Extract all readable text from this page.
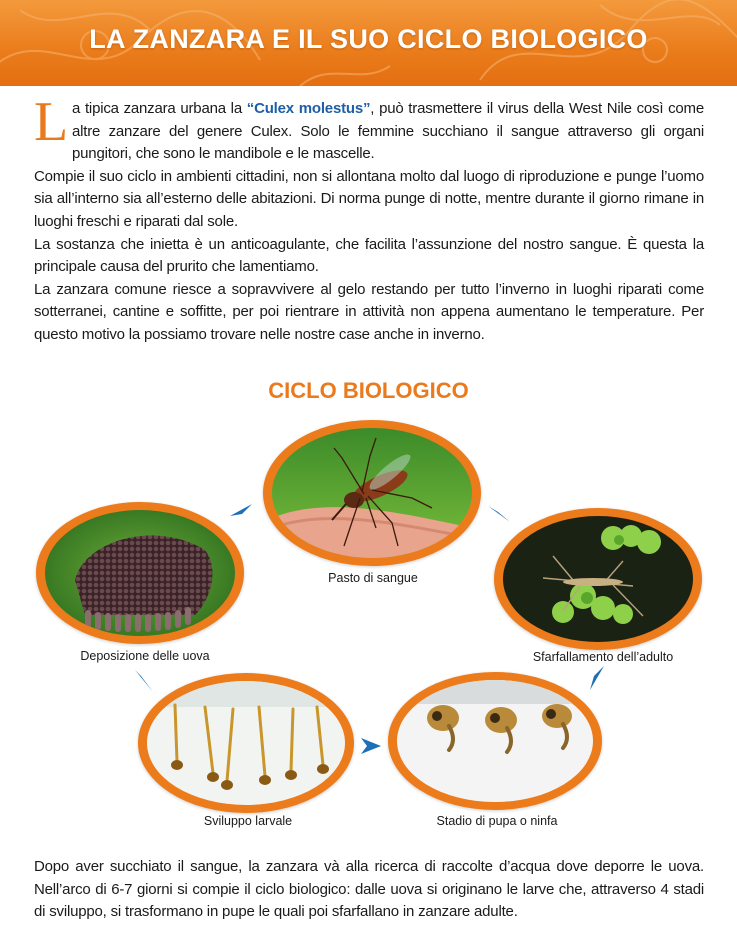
LA ZANZARA E IL SUO CICLO BIOLOGICO

La tipica zanzara urbana la “Culex molestus”, può trasmettere il virus della West Nile così come altre zanzare del genere Culex. Solo le femmine succhiano il sangue attraverso gli organi pungitori, che sono le mandibole e le mascelle.

Compie il suo ciclo in ambienti cittadini, non si allontana molto dal luogo di riproduzione e punge l’uomo sia all’interno sia all’esterno delle abitazioni. Di norma punge di notte, mentre durante il giorno rimane in luoghi freschi e riparati dal sole.

La sostanza che inietta è un anticoagulante, che facilita l’assunzione del nostro sangue. È questa la principale causa del prurito che lamentiamo.

La zanzara comune riesce a sopravvivere al gelo restando per tutto l’inverno in luoghi riparati come sotterranei, cantine e soffitte, per poi rientrare in attività non appena aumentano le temperature. Per questo motivo la possiamo trovare nelle nostre case anche in inverno.

CICLO BIOLOGICO
Pasto di sangue
Deposizione delle uova	Sfarfallamento dell’adulto
Sviluppo larvale	Stadio di pupa o ninfa

Dopo aver succhiato il sangue, la zanzara và alla ricerca di raccolte d’acqua dove deporre le uova. Nell’arco di 6-7 giorni si compie il ciclo biologico: dalle uova si originano le larve che, attraverso 4 stadi di sviluppo, si trasformano in pupe le quali poi sfarfallano in zanzare adulte.
